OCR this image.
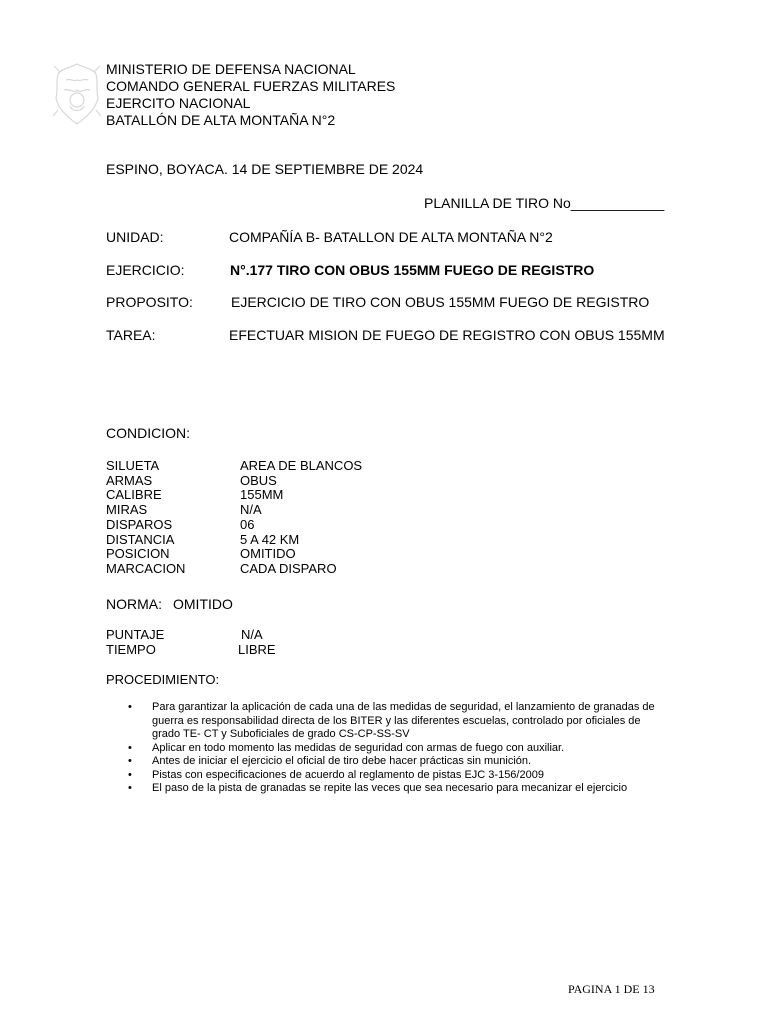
MINISTERIO DE DEFENSA NACIONAL
COMANDO GENERAL FUERZAS MILITARES
EJERCITO NACIONAL
BATALLÓN DE ALTA MONTAÑA N°2
ESPINO, BOYACA. 14 DE SEPTIEMBRE DE 2024
PLANILLA DE TIRO No____________
UNIDAD:	COMPAÑÍA B- BATALLON DE ALTA MONTAÑA N°2
EJERCICIO:	N°.177 TIRO CON OBUS 155MM FUEGO DE REGISTRO
PROPOSITO:	EJERCICIO DE TIRO CON OBUS 155MM FUEGO DE REGISTRO
TAREA:	EFECTUAR MISION DE FUEGO DE REGISTRO CON OBUS 155MM
CONDICION:
SILUETA	AREA DE BLANCOS
ARMAS	OBUS
CALIBRE	155MM
MIRAS	N/A
DISPAROS	06
DISTANCIA	5 A 42 KM
POSICION	OMITIDO
MARCACION	CADA DISPARO
NORMA: OMITIDO
PUNTAJE	N/A
TIEMPO	LIBRE
PROCEDIMIENTO:
• Para garantizar la aplicación de cada una de las medidas de seguridad, el lanzamiento de granadas de guerra es responsabilidad directa de los BITER y las diferentes escuelas, controlado por oficiales de grado TE- CT y Suboficiales de grado CS-CP-SS-SV
• Aplicar en todo momento las medidas de seguridad con armas de fuego con auxiliar.
• Antes de iniciar el ejercicio el oficial de tiro debe hacer prácticas sin munición.
• Pistas con especificaciones de acuerdo al reglamento de pistas EJC 3-156/2009
• El paso de la pista de granadas se repite las veces que sea necesario para mecanizar el ejercicio
PAGINA 1 DE 13
